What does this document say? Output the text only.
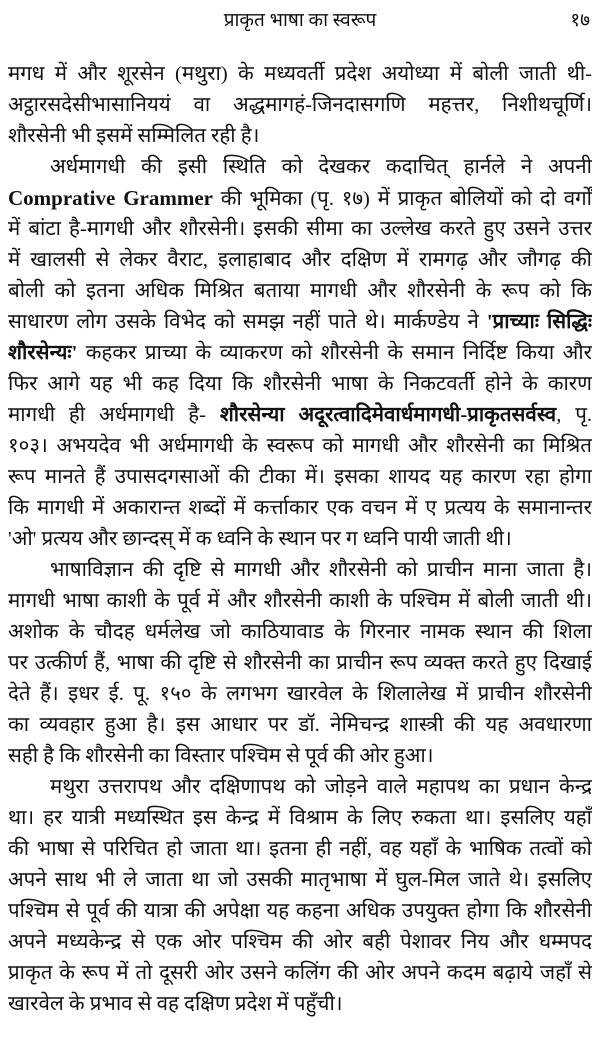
प्राकृत भाषा का स्वरूप	१७
मगध में और शूरसेन (मथुरा) के मध्यवर्ती प्रदेश अयोध्या में बोली जाती थी-
अट्ठारसदेसीभासानिययं वा अद्धमागहं-जिनदासगणि महत्तर, निशीथचूर्णि।
शौरसेनी भी इसमें सम्मिलित रही है।
अर्धमागधी की इसी स्थिति को देखकर कदाचित् हार्नले ने अपनी
Comprative Grammer की भूमिका (पृ. १७) में प्राकृत बोलियों को दो वर्गों
में बांटा है-मागधी और शौरसेनी। इसकी सीमा का उल्लेख करते हुए उसने उत्तर
में खालसी से लेकर वैराट, इलाहाबाद और दक्षिण में रामगढ़ और जौगढ़ की
बोली को इतना अधिक मिश्रित बताया मागधी और शौरसेनी के रूप को कि
साधारण लोग उसके विभेद को समझ नहीं पाते थे। मार्कण्डेय ने 'प्राच्याः सिद्धिः
शौरसेन्यः' कहकर प्राच्या के व्याकरण को शौरसेनी के समान निर्दिष्ट किया और
फिर आगे यह भी कह दिया कि शौरसेनी भाषा के निकटवर्ती होने के कारण
मागधी ही अर्धमागधी है- शौरसेन्या अदूरत्वादिमेवार्धमागधी-प्राकृतसर्वस्व, पृ.
१०३। अभयदेव भी अर्धमागधी के स्वरूप को मागधी और शौरसेनी का मिश्रित
रूप मानते हैं उपासदगसाओं की टीका में। इसका शायद यह कारण रहा होगा
कि मागधी में अकारान्त शब्दों में कर्त्ताकार एक वचन में ए प्रत्यय के समानान्तर
'ओ' प्रत्यय और छान्दस् में क ध्वनि के स्थान पर ग ध्वनि पायी जाती थी।
भाषाविज्ञान की दृष्टि से मागधी और शौरसेनी को प्राचीन माना जाता है।
मागधी भाषा काशी के पूर्व में और शौरसेनी काशी के पश्चिम में बोली जाती थी।
अशोक के चौदह धर्मलेख जो काठियावाड के गिरनार नामक स्थान की शिला
पर उत्कीर्ण हैं, भाषा की दृष्टि से शौरसेनी का प्राचीन रूप व्यक्त करते हुए दिखाई
देते हैं। इधर ई. पू. १५० के लगभग खारवेल के शिलालेख में प्राचीन शौरसेनी
का व्यवहार हुआ है। इस आधार पर डॉ. नेमिचन्द्र शास्त्री की यह अवधारणा
सही है कि शौरसेनी का विस्तार पश्चिम से पूर्व की ओर हुआ।
मथुरा उत्तरापथ और दक्षिणापथ को जोड़ने वाले महापथ का प्रधान केन्द्र
था। हर यात्री मध्यस्थित इस केन्द्र में विश्राम के लिए रुकता था। इसलिए यहाँ
की भाषा से परिचित हो जाता था। इतना ही नहीं, वह यहाँ के भाषिक तत्वों को
अपने साथ भी ले जाता था जो उसकी मातृभाषा में घुल-मिल जाते थे। इसलिए
पश्चिम से पूर्व की यात्रा की अपेक्षा यह कहना अधिक उपयुक्त होगा कि शौरसेनी
अपने मध्यकेन्द्र से एक ओर पश्चिम की ओर बही पेशावर निय और धम्मपद
प्राकृत के रूप में तो दूसरी ओर उसने कलिंग की ओर अपने कदम बढ़ाये जहाँ से
खारवेल के प्रभाव से वह दक्षिण प्रदेश में पहुँची।
